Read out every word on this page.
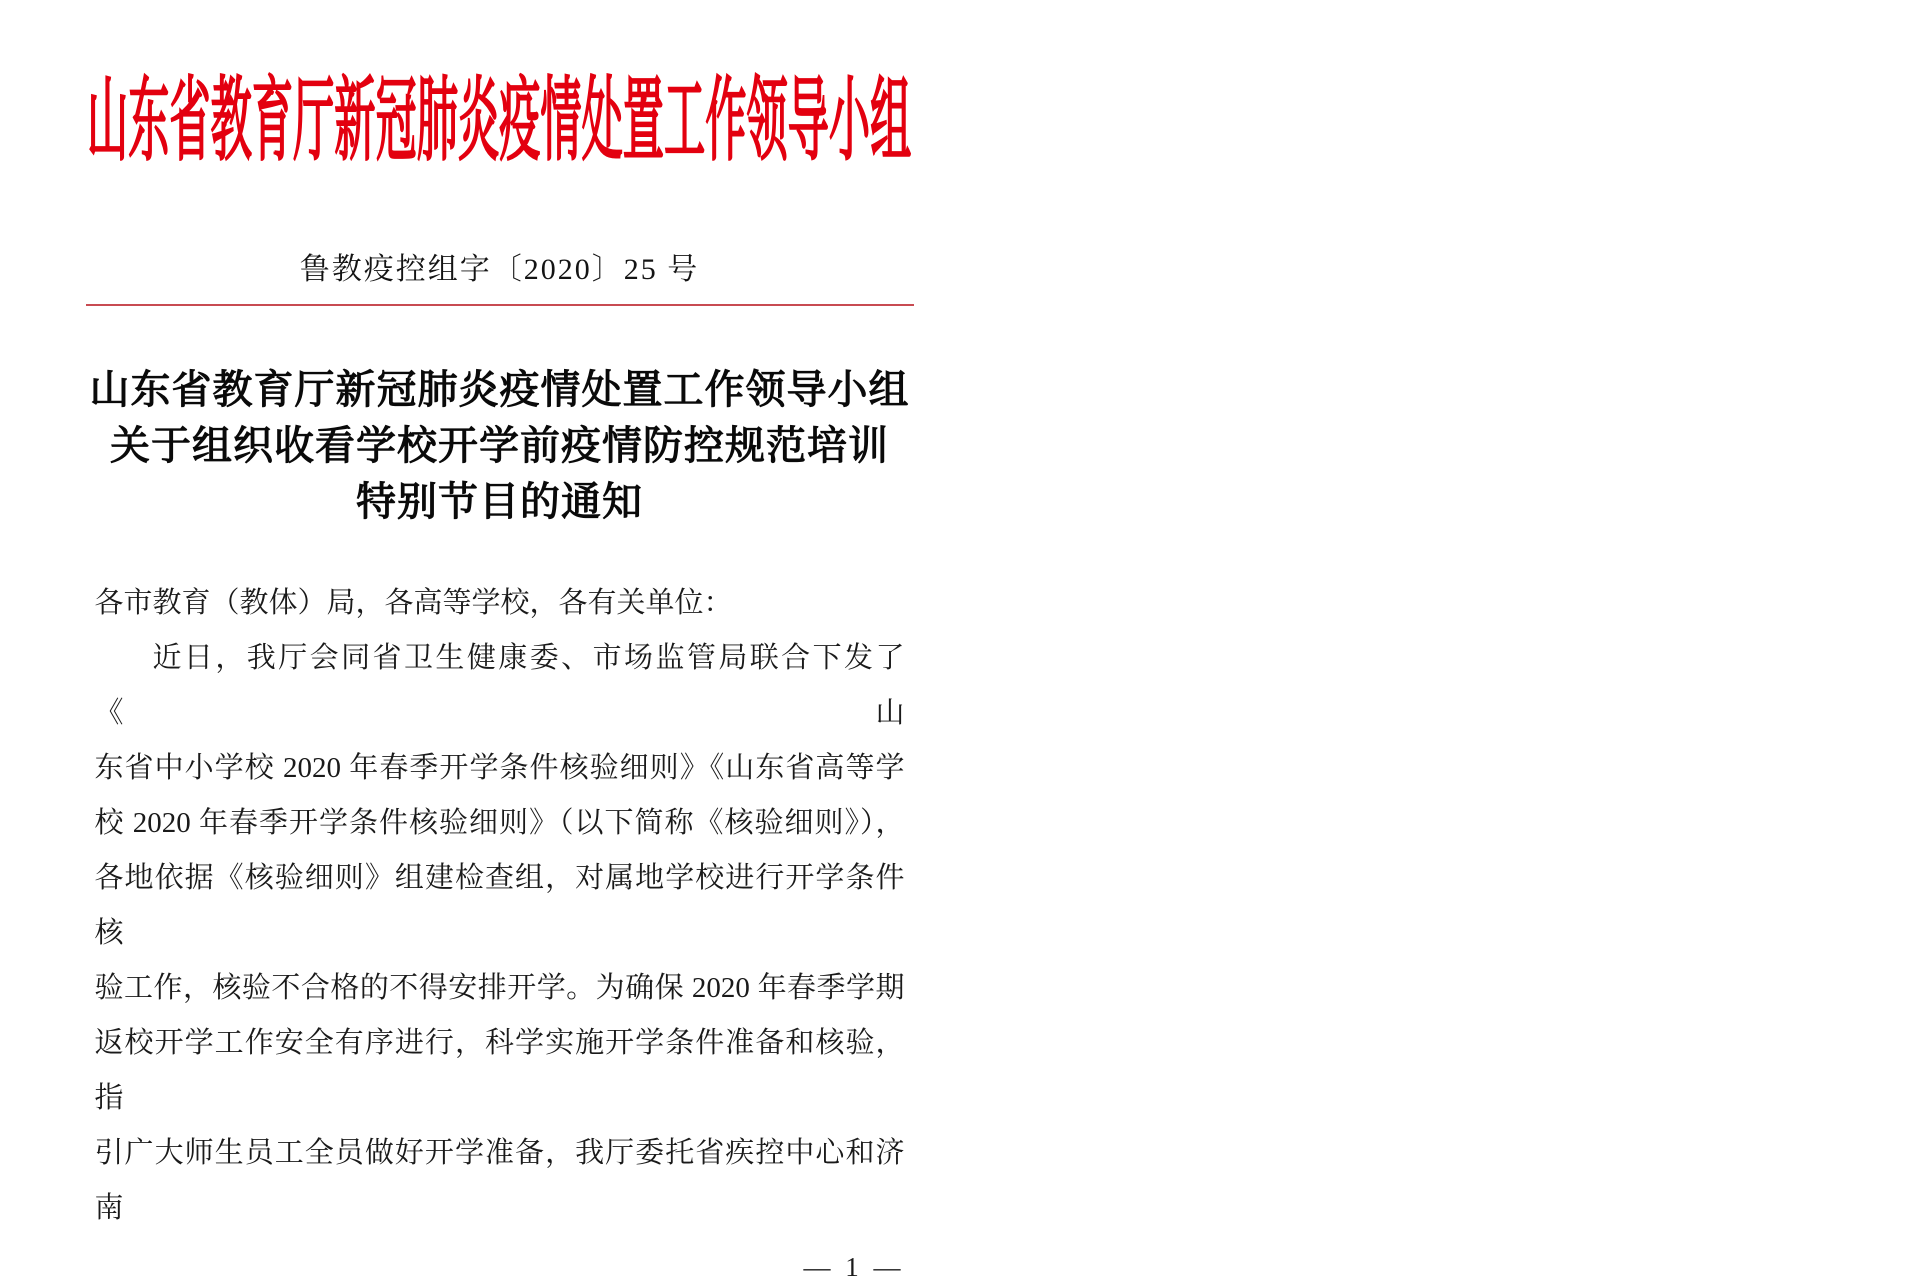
山东省教育厅新冠肺炎疫情处置工作领导小组
鲁教疫控组字〔2020〕25 号
山东省教育厅新冠肺炎疫情处置工作领导小组
关于组织收看学校开学前疫情防控规范培训
特别节目的通知
各市教育（教体）局，各高等学校，各有关单位：
近日，我厅会同省卫生健康委、市场监管局联合下发了《山
东省中小学校 2020 年春季开学条件核验细则》《山东省高等学
校 2020 年春季开学条件核验细则》（以下简称《核验细则》），
各地依据《核验细则》组建检查组，对属地学校进行开学条件核
验工作，核验不合格的不得安排开学。为确保 2020 年春季学期
返校开学工作安全有序进行，科学实施开学条件准备和核验，指
引广大师生员工全员做好开学准备，我厅委托省疾控中心和济南
— 1 —
